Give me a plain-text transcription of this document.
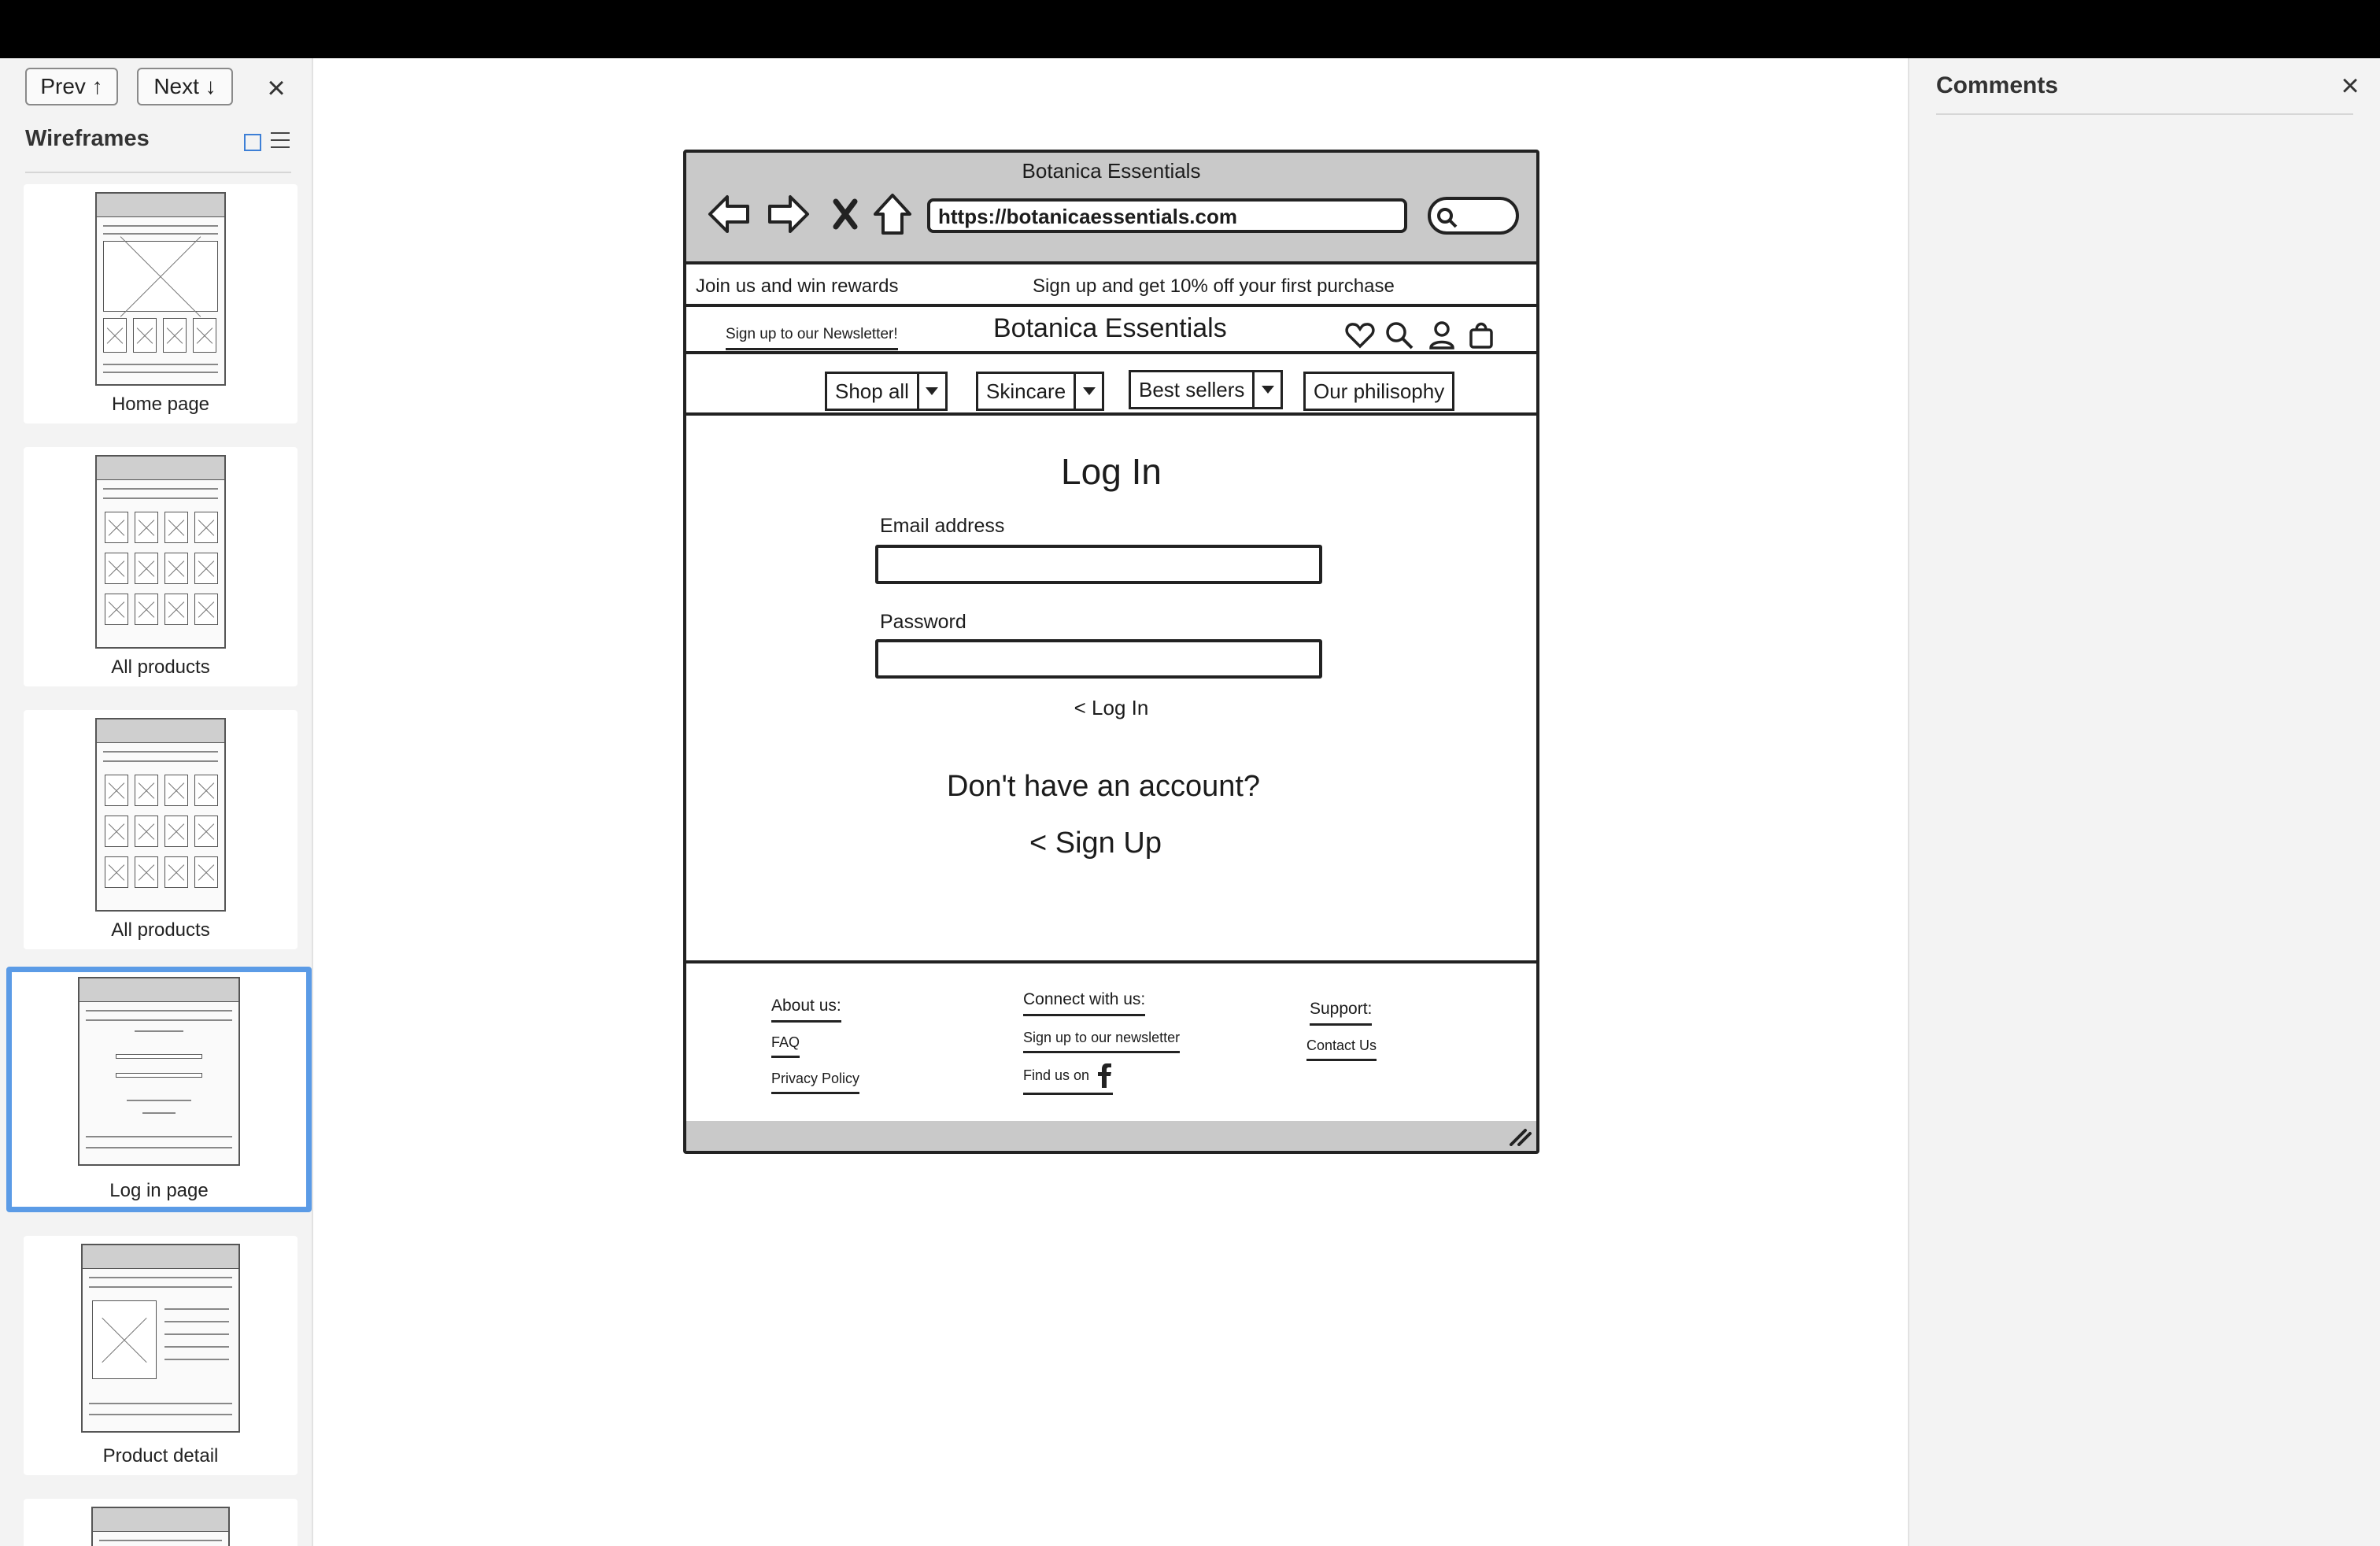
Prev ↑	Next ↓	×
Wireframes
Home page
All products
All products
Log in page
Product detail
Botanica Essentials
https://botanicaessentials.com
Join us and win rewards	Sign up and get 10% off your first purchase
Sign up to our Newsletter!	Botanica Essentials
Shop all	Skincare	Best sellers	Our philisophy
Log In
Email address
Password
< Log In
Don't have an account?
< Sign Up
About us:
FAQ
Privacy Policy
Connect with us:
Sign up to our newsletter
Find us on
Support:
Contact Us
Comments	×
